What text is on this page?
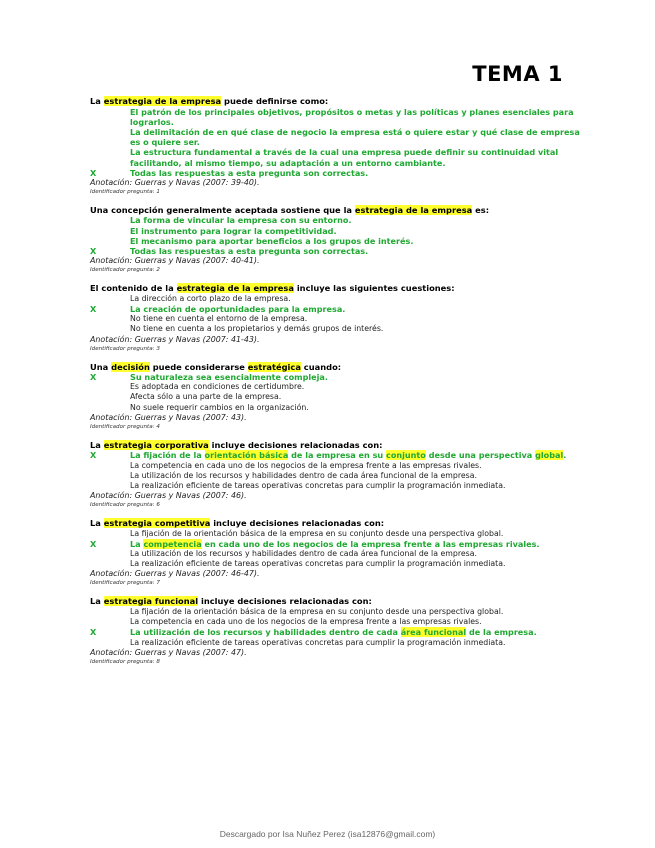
TEMA 1
La estrategia de la empresa puede definirse como:
El patrón de los principales objetivos, propósitos o metas y las políticas y planes esenciales para lograrlos.
La delimitación de en qué clase de negocio la empresa está o quiere estar y qué clase de empresa es o quiere ser.
La estructura fundamental a través de la cual una empresa puede definir su continuidad vital facilitando, al mismo tiempo, su adaptación a un entorno cambiante.
X	Todas las respuestas a esta pregunta son correctas.
Anotación: Guerras y Navas (2007: 39-40).
Identificador pregunta: 1
Una concepción generalmente aceptada sostiene que la estrategia de la empresa es:
La forma de vincular la empresa con su entorno.
El instrumento para lograr la competitividad.
El mecanismo para aportar beneficios a los grupos de interés.
X	Todas las respuestas a esta pregunta son correctas.
Anotación: Guerras y Navas (2007: 40-41).
Identificador pregunta: 2
El contenido de la estrategia de la empresa incluye las siguientes cuestiones:
La dirección a corto plazo de la empresa.
X	La creación de oportunidades para la empresa.
No tiene en cuenta el entorno de la empresa.
No tiene en cuenta a los propietarios y demás grupos de interés.
Anotación: Guerras y Navas (2007: 41-43).
Identificador pregunta: 3
Una decisión puede considerarse estratégica cuando:
X	Su naturaleza sea esencialmente compleja.
Es adoptada en condiciones de certidumbre.
Afecta sólo a una parte de la empresa.
No suele requerir cambios en la organización.
Anotación: Guerras y Navas (2007: 43).
Identificador pregunta: 4
La estrategia corporativa incluye decisiones relacionadas con:
X	La fijación de la orientación básica de la empresa en su conjunto desde una perspectiva global.
La competencia en cada uno de los negocios de la empresa frente a las empresas rivales.
La utilización de los recursos y habilidades dentro de cada área funcional de la empresa.
La realización eficiente de tareas operativas concretas para cumplir la programación inmediata.
Anotación: Guerras y Navas (2007: 46).
Identificador pregunta: 6
La estrategia competitiva incluye decisiones relacionadas con:
La fijación de la orientación básica de la empresa en su conjunto desde una perspectiva global.
X	La competencia en cada uno de los negocios de la empresa frente a las empresas rivales.
La utilización de los recursos y habilidades dentro de cada área funcional de la empresa.
La realización eficiente de tareas operativas concretas para cumplir la programación inmediata.
Anotación: Guerras y Navas (2007: 46-47).
Identificador pregunta: 7
La estrategia funcional incluye decisiones relacionadas con:
La fijación de la orientación básica de la empresa en su conjunto desde una perspectiva global.
La competencia en cada uno de los negocios de la empresa frente a las empresas rivales.
X	La utilización de los recursos y habilidades dentro de cada área funcional de la empresa.
La realización eficiente de tareas operativas concretas para cumplir la programación inmediata.
Anotación: Guerras y Navas (2007: 47).
Identificador pregunta: 8
Descargado por Isa Nuñez Perez (isa12876@gmail.com)
